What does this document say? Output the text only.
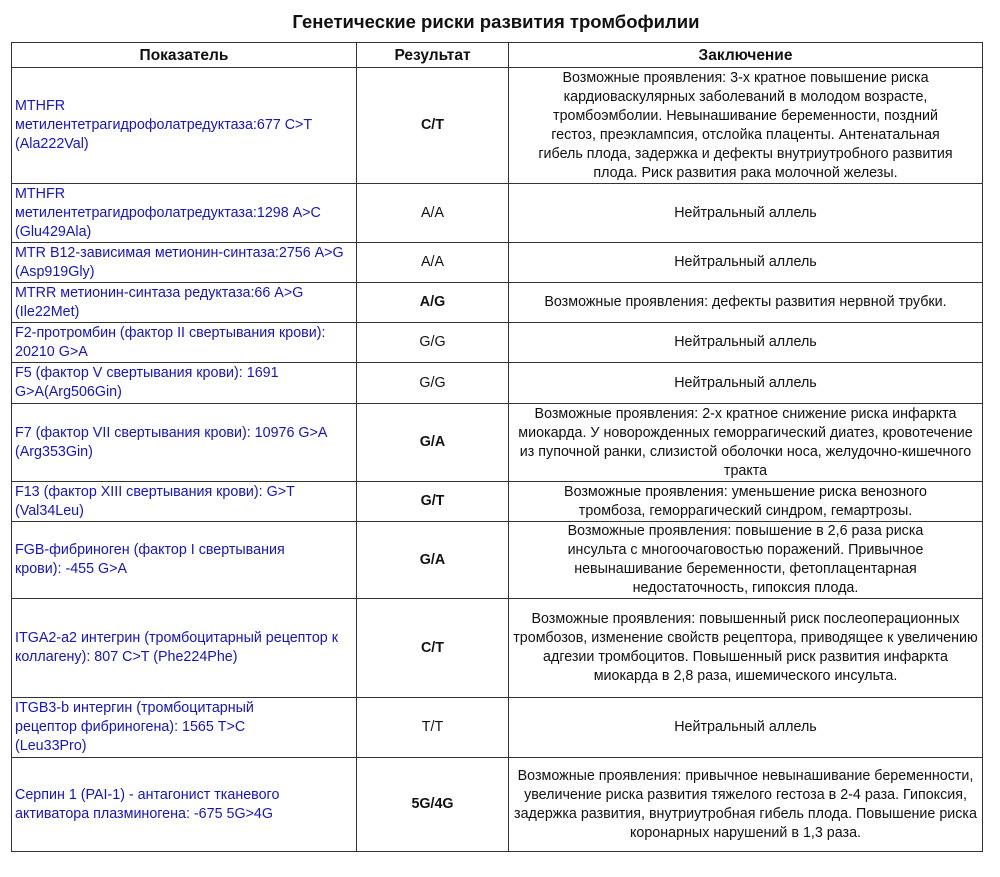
Генетические риски развития тромбофилии
Показатель	Результат	Заключение
MTHFR метилентетрагидрофолатредуктаза:677 C>T (Ala222Val)	C/T	Возможные проявления: 3-х кратное повышение риска кардиоваскулярных заболеваний в молодом возрасте, тромбоэмболии. Невынашивание беременности, поздний гестоз, преэклампсия, отслойка плаценты. Антенатальная гибель плода, задержка и дефекты внутриутробного развития плода. Риск развития рака молочной железы.
MTHFR метилентетрагидрофолатредуктаза:1298 A>C (Glu429Ala)	A/A	Нейтральный аллель
MTR B12-зависимая метионин-синтаза:2756 A>G (Asp919Gly)	A/A	Нейтральный аллель
MTRR метионин-синтаза редуктаза:66 A>G (Ile22Met)	A/G	Возможные проявления: дефекты развития нервной трубки.
F2-протромбин (фактор II свертывания крови): 20210 G>A	G/G	Нейтральный аллель
F5 (фактор V свертывания крови): 1691 G>A(Arg506Gin)	G/G	Нейтральный аллель
F7 (фактор VII свертывания крови): 10976 G>A (Arg353Gin)	G/A	Возможные проявления: 2-х кратное снижение риска инфаркта миокарда. У новорожденных геморрагический диатез, кровотечение из пупочной ранки, слизистой оболочки носа, желудочно-кишечного тракта
F13 (фактор XIII свертывания крови): G>T (Val34Leu)	G/T	Возможные проявления: уменьшение риска венозного тромбоза, геморрагический синдром, гемартрозы.
FGB-фибриноген (фактор I свертывания крови): -455 G>A	G/A	Возможные проявления: повышение в 2,6 раза риска инсульта с многоочаговостью поражений. Привычное невынашивание беременности, фетоплацентарная недостаточность, гипоксия плода.
ITGA2-a2 интегрин (тромбоцитарный рецептор к коллагену): 807 C>T (Phe224Phe)	C/T	Возможные проявления: повышенный риск послеоперационных тромбозов, изменение свойств рецептора, приводящее к увеличению адгезии тромбоцитов. Повышенный риск развития инфаркта миокарда в 2,8 раза, ишемического инсульта.
ITGB3-b интергин (тромбоцитарный рецептор фибриногена): 1565 T>C (Leu33Pro)	T/T	Нейтральный аллель
Серпин 1 (PAI-1) - антагонист тканевого активатора плазминогена: -675 5G>4G	5G/4G	Возможные проявления: привычное невынашивание беременности, увеличение риска развития тяжелого гестоза в 2-4 раза. Гипоксия, задержка развития, внутриутробная гибель плода. Повышение риска коронарных нарушений в 1,3 раза.
